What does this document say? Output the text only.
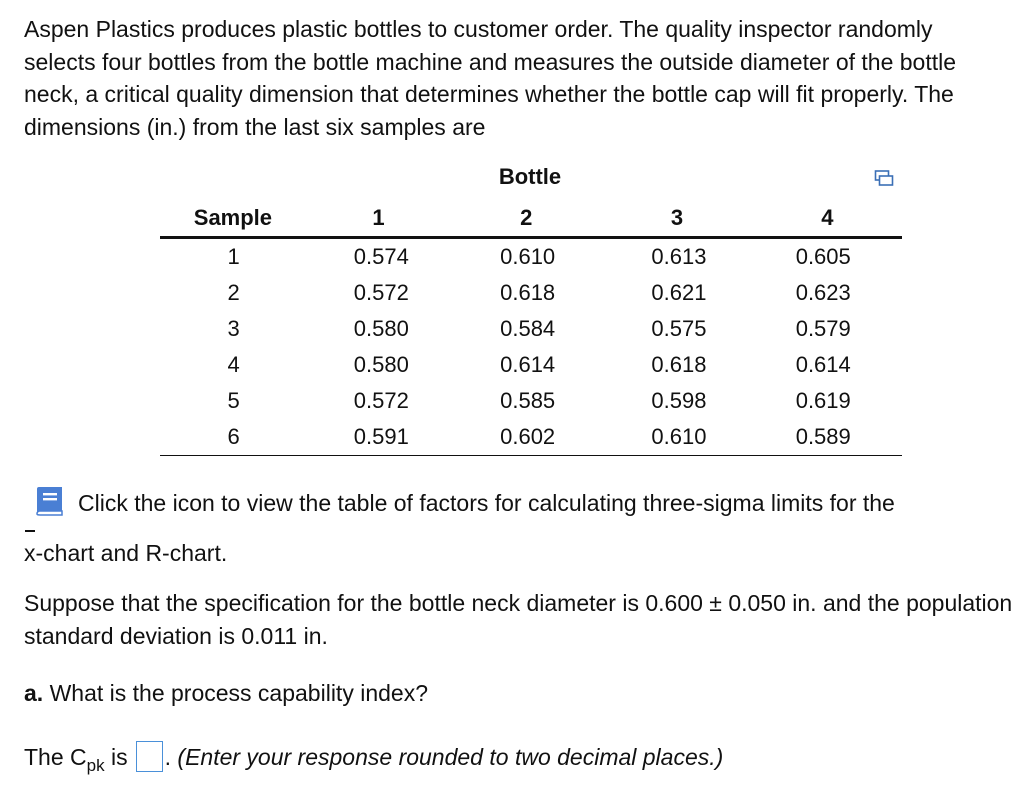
Aspen Plastics produces plastic bottles to customer order. The quality inspector randomly selects four bottles from the bottle machine and measures the outside diameter of the bottle neck, a critical quality dimension that determines whether the bottle cap will fit properly. The dimensions (in.) from the last six samples are

Bottle
Sample	1	2	3	4
1	0.574	0.610	0.613	0.605
2	0.572	0.618	0.621	0.623
3	0.580	0.584	0.575	0.579
4	0.580	0.614	0.618	0.614
5	0.572	0.585	0.598	0.619
6	0.591	0.602	0.610	0.589
Click the icon to view the table of factors for calculating three-sigma limits for the
x-chart and R-chart.

Suppose that the specification for the bottle neck diameter is 0.600 ± 0.050 in. and the population standard deviation is 0.011 in.

a. What is the process capability index?

The $C_{pk}$ is . (Enter your response rounded to two decimal places.)
